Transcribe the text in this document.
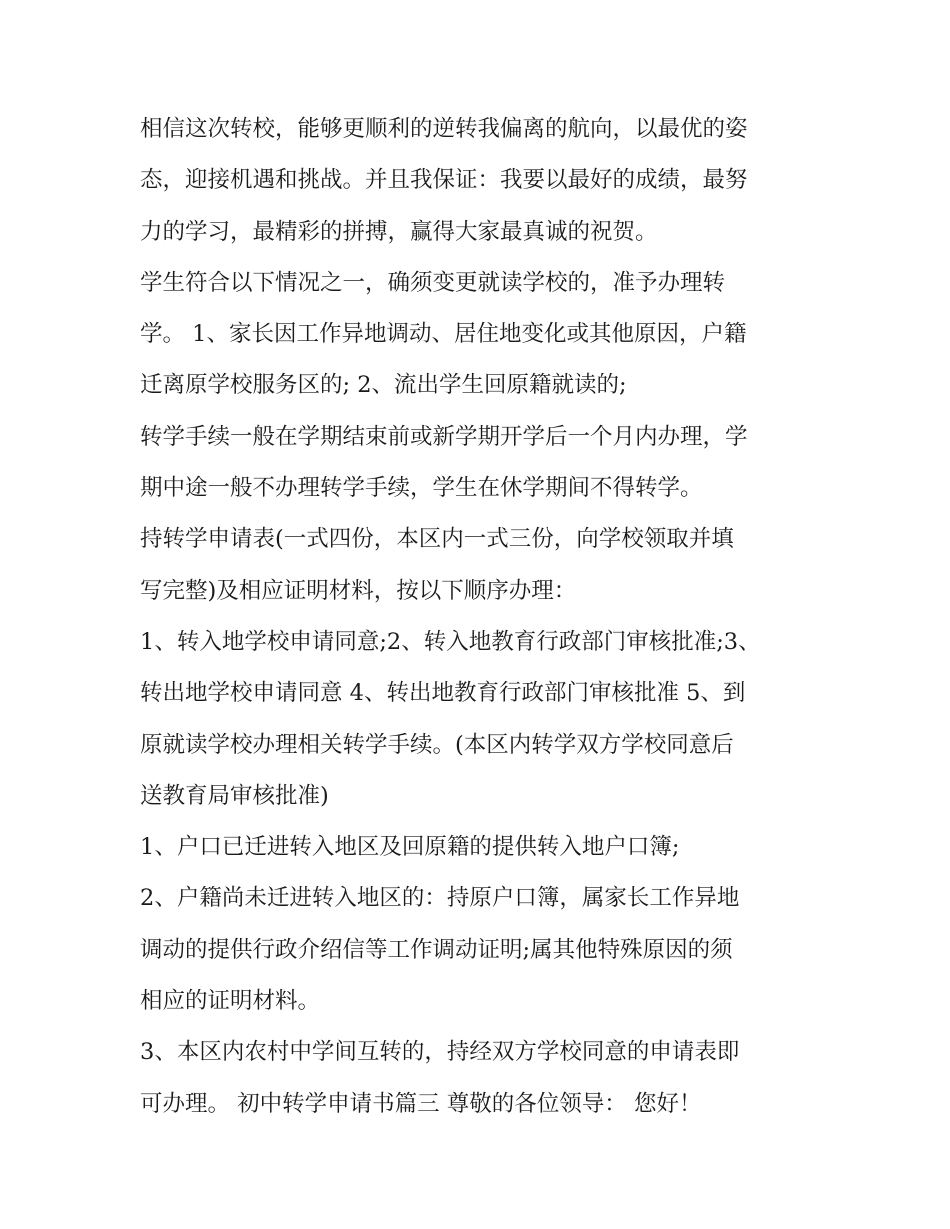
相信这次转校，能够更顺利的逆转我偏离的航向，以最优的姿
态，迎接机遇和挑战。并且我保证：我要以最好的成绩，最努
力的学习，最精彩的拼搏，赢得大家最真诚的祝贺。
学生符合以下情况之一，确须变更就读学校的，准予办理转
学。 1、家长因工作异地调动、居住地变化或其他原因，户籍
迁离原学校服务区的; 2、流出学生回原籍就读的;
转学手续一般在学期结束前或新学期开学后一个月内办理，学
期中途一般不办理转学手续，学生在休学期间不得转学。
持转学申请表(一式四份，本区内一式三份，向学校领取并填
写完整)及相应证明材料，按以下顺序办理：
1、转入地学校申请同意;2、转入地教育行政部门审核批准;3、
转出地学校申请同意 4、转出地教育行政部门审核批准 5、到
原就读学校办理相关转学手续。(本区内转学双方学校同意后
送教育局审核批准)
1、户口已迁进转入地区及回原籍的提供转入地户口簿;
2、户籍尚未迁进转入地区的：持原户口簿，属家长工作异地
调动的提供行政介绍信等工作调动证明;属其他特殊原因的须
相应的证明材料。
3、本区内农村中学间互转的，持经双方学校同意的申请表即
可办理。 初中转学申请书篇三 尊敬的各位领导： 您好！
